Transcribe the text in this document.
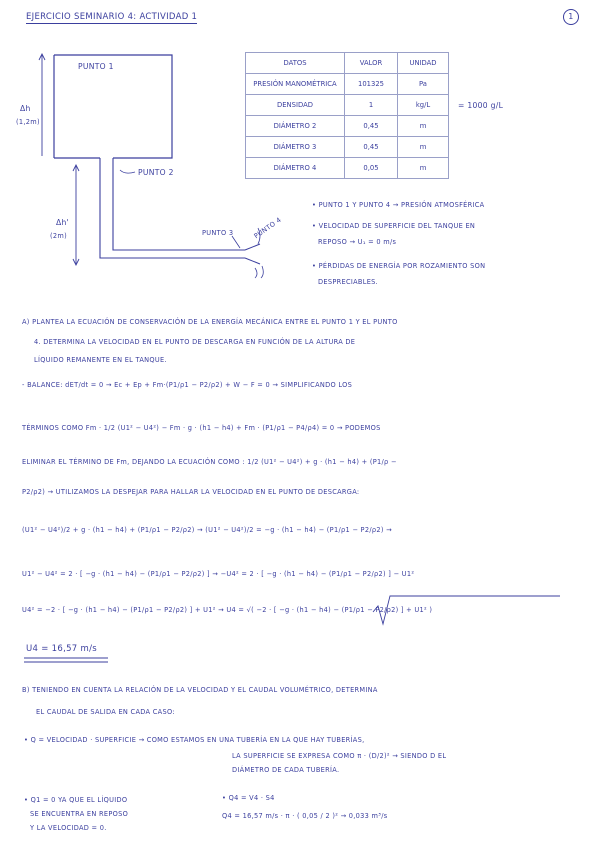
EJERCICIO SEMINARIO 4: ACTIVIDAD 1	1
PUNTO 1
Δh
(1,2m)
PUNTO 2
Δh'
(2m)	PUNTO 3	PUNTO 4
DATOS	VALOR	UNIDAD
PRESIÓN MANOMÉTRICA	101325	Pa
DENSIDAD	1	kg/L
DIÁMETRO 2	0,45	m
DIÁMETRO 3	0,45	m
DIÁMETRO 4	0,05	m
= 1000 g/L
• PUNTO 1 Y PUNTO 4 → PRESIÓN ATMOSFÉRICA
• VELOCIDAD DE SUPERFICIE DEL TANQUE EN
REPOSO → U₁ = 0 m/s
• PÉRDIDAS DE ENERGÍA POR ROZAMIENTO SON
DESPRECIABLES.
A) PLANTEA LA ECUACIÓN DE CONSERVACIÓN DE LA ENERGÍA MECÁNICA ENTRE EL PUNTO 1 Y EL PUNTO
4. DETERMINA LA VELOCIDAD EN EL PUNTO DE DESCARGA EN FUNCIÓN DE LA ALTURA DE
LÍQUIDO REMANENTE EN EL TANQUE.
- BALANCE: dET/dt = 0 → Ec + Ep + Fm·(P1/ρ1 − P2/ρ2) + W − F = 0 → SIMPLIFICANDO LOS
TÉRMINOS COMO Fm · 1/2 (U1² − U4²) − Fm · g · (h1 − h4) + Fm · (P1/ρ1 − P4/ρ4) = 0 → PODEMOS
ELIMINAR EL TÉRMINO DE Fm, DEJANDO LA ECUACIÓN COMO : 1/2 (U1² − U4²) + g · (h1 − h4) + (P1/ρ −
P2/ρ2) → UTILIZAMOS LA DESPEJAR PARA HALLAR LA VELOCIDAD EN EL PUNTO DE DESCARGA:
(U1² − U4²)/2 + g · (h1 − h4) + (P1/ρ1 − P2/ρ2) → (U1² − U4²)/2 = −g · (h1 − h4) − (P1/ρ1 − P2/ρ2) →
U1² − U4² = 2 · [ −g · (h1 − h4) − (P1/ρ1 − P2/ρ2) ] → −U4² = 2 · [ −g · (h1 − h4) − (P1/ρ1 − P2/ρ2) ] − U1²
U4² = −2 · [ −g · (h1 − h4) − (P1/ρ1 − P2/ρ2) ] + U1² → U4 = √( −2 · [ −g · (h1 − h4) − (P1/ρ1 − P2/ρ2) ] + U1² )
U4 = 16,57 m/s
B) TENIENDO EN CUENTA LA RELACIÓN DE LA VELOCIDAD Y EL CAUDAL VOLUMÉTRICO, DETERMINA
EL CAUDAL DE SALIDA EN CADA CASO:
• Q = VELOCIDAD · SUPERFICIE → COMO ESTAMOS EN UNA TUBERÍA EN LA QUE HAY TUBERÍAS,
LA SUPERFICIE SE EXPRESA COMO π · (D/2)² → SIENDO D EL
DIÁMETRO DE CADA TUBERÍA.
• Q1 = 0 YA QUE EL LÍQUIDO
SE ENCUENTRA EN REPOSO
Y LA VELOCIDAD = 0.
• Q4 = V4 · S4
Q4 = 16,57 m/s · π · ( 0,05 / 2 )² → 0,033 m³/s
